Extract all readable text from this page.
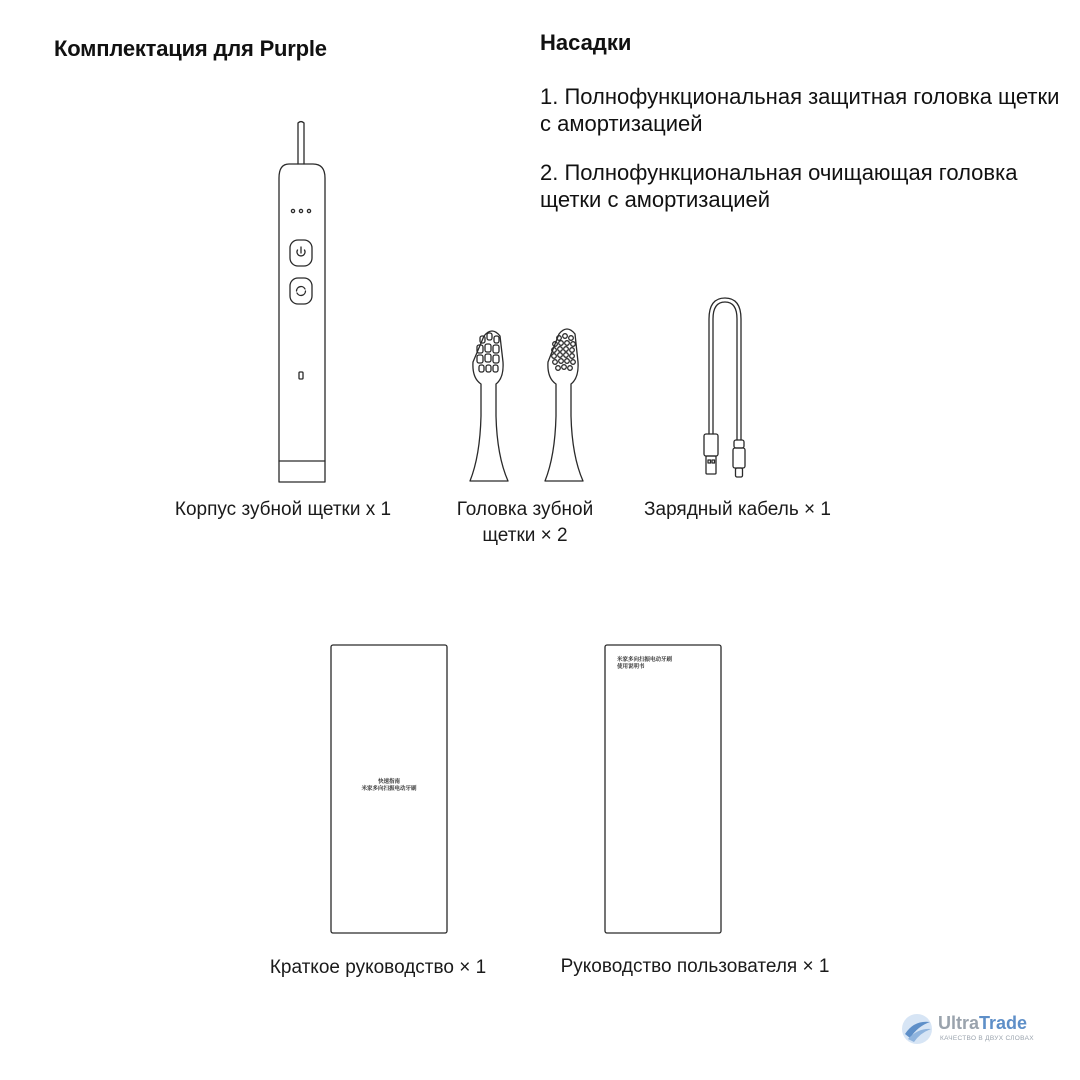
Комплектация для Purple	Насадки
1. Полнофункциональная защитная головка щетки с амортизацией
2. Полнофункциональная очищающая головка щетки с амортизацией
Корпус зубной щетки x 1	Головка зубной
щетки × 2
Зарядный кабель × 1
快速指南
米家多向扫振电动牙刷
米家多向扫振电动牙刷
使用说明书
Краткое руководство × 1	Руководство пользователя × 1
UltraTrade
КАЧЕСТВО В ДВУХ СЛОВАХ
